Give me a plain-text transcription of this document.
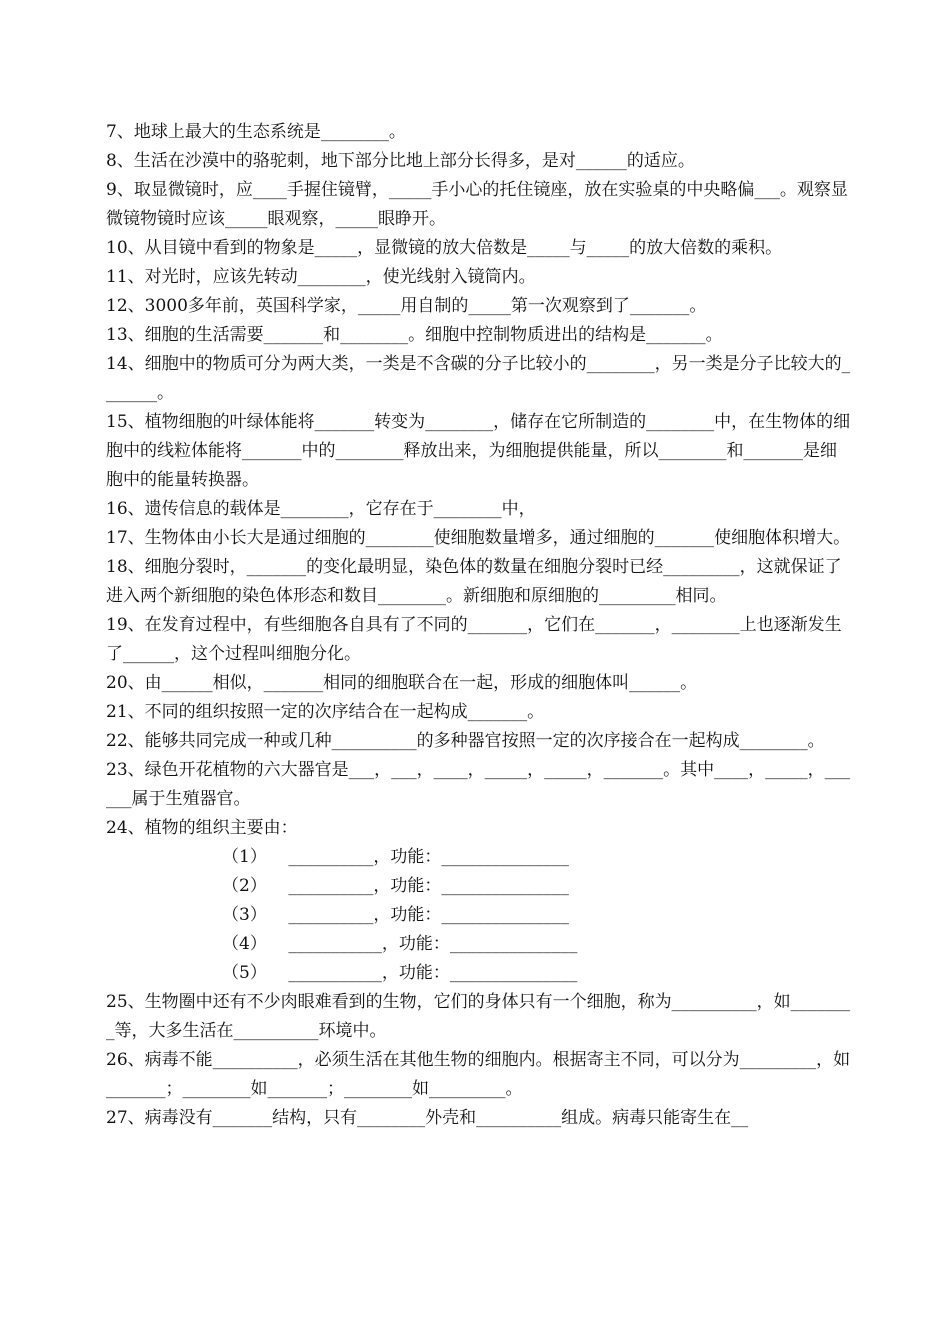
7、地球上最大的生态系统是________。

8、生活在沙漠中的骆驼刺，地下部分比地上部分长得多，是对______的适应。

9、取显微镜时，应____手握住镜臂，_____手小心的托住镜座，放在实验桌的中央略偏___。观察显微镜物镜时应该_____眼观察，_____眼睁开。

10、从目镜中看到的物象是_____，显微镜的放大倍数是_____与_____的放大倍数的乘积。

11、对光时，应该先转动________，使光线射入镜筒内。

12、3000多年前，英国科学家，_____用自制的_____第一次观察到了_______。

13、细胞的生活需要_______和________。细胞中控制物质进出的结构是_______。

14、细胞中的物质可分为两大类，一类是不含碳的分子比较小的________，另一类是分子比较大的_______。

15、植物细胞的叶绿体能将_______转变为________，储存在它所制造的________中，在生物体的细胞中的线粒体能将_______中的________释放出来，为细胞提供能量，所以________和_______是细胞中的能量转换器。

16、遗传信息的载体是________，它存在于________中，

17、生物体由小长大是通过细胞的________使细胞数量增多，通过细胞的_______使细胞体积增大。

18、细胞分裂时，_______的变化最明显，染色体的数量在细胞分裂时已经_________，这就保证了进入两个新细胞的染色体形态和数目________。新细胞和原细胞的_________相同。

19、在发育过程中，有些细胞各自具有了不同的_______，它们在_______，________上也逐渐发生了______，这个过程叫细胞分化。

20、由______相似，_______相同的细胞联合在一起，形成的细胞体叫______。

21、不同的组织按照一定的次序结合在一起构成_______。

22、能够共同完成一种或几种__________的多种器官按照一定的次序接合在一起构成________。

23、绿色开花植物的六大器官是___，___，____，_____，_____，_______。其中____，_____，______属于生殖器官。

24、植物的组织主要由：

（1）    __________，功能：_______________

（2）    __________，功能：_______________

（3）    __________，功能：_______________

（4）    ___________，功能：_______________

（5）    ___________，功能：_______________

25、生物圈中还有不少肉眼难看到的生物，它们的身体只有一个细胞，称为__________，如________等，大多生活在__________环境中。

26、病毒不能__________，必须生活在其他生物的细胞内。根据寄主不同，可以分为_________，如_______；________如_______；________如_________。

27、病毒没有_______结构，只有________外壳和__________组成。病毒只能寄生在__
